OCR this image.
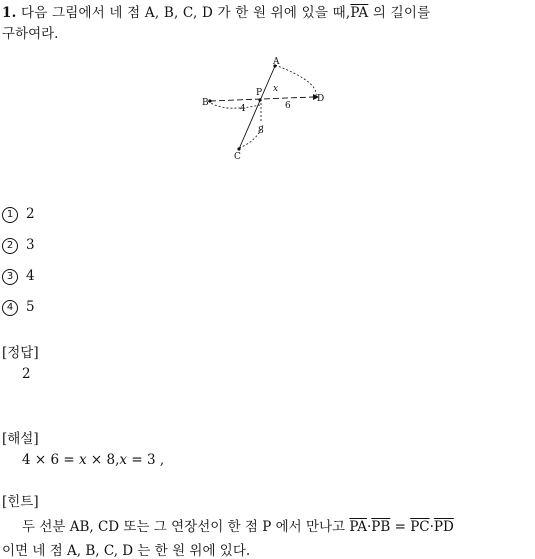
1. 다음 그림에서 네 점 A, B, C, D 가 한 원 위에 있을 때$,\overline{PA}$ 의 길이를
구하여라.
A
B
C
D
P x
4	6
8
1 2
2 3
3 4
4 5
[정답]
2
[해설]
4 × 6 = x × 8,x = 3 ,
[힌트]
두 선분 AB, CD 또는 그 연장선이 한 점 P 에서 만나고 $\overline{PA}\cdot\overline{PB} = \overline{PC}\cdot\overline{PD}$
이면 네 점 A, B, C, D 는 한 원 위에 있다.
